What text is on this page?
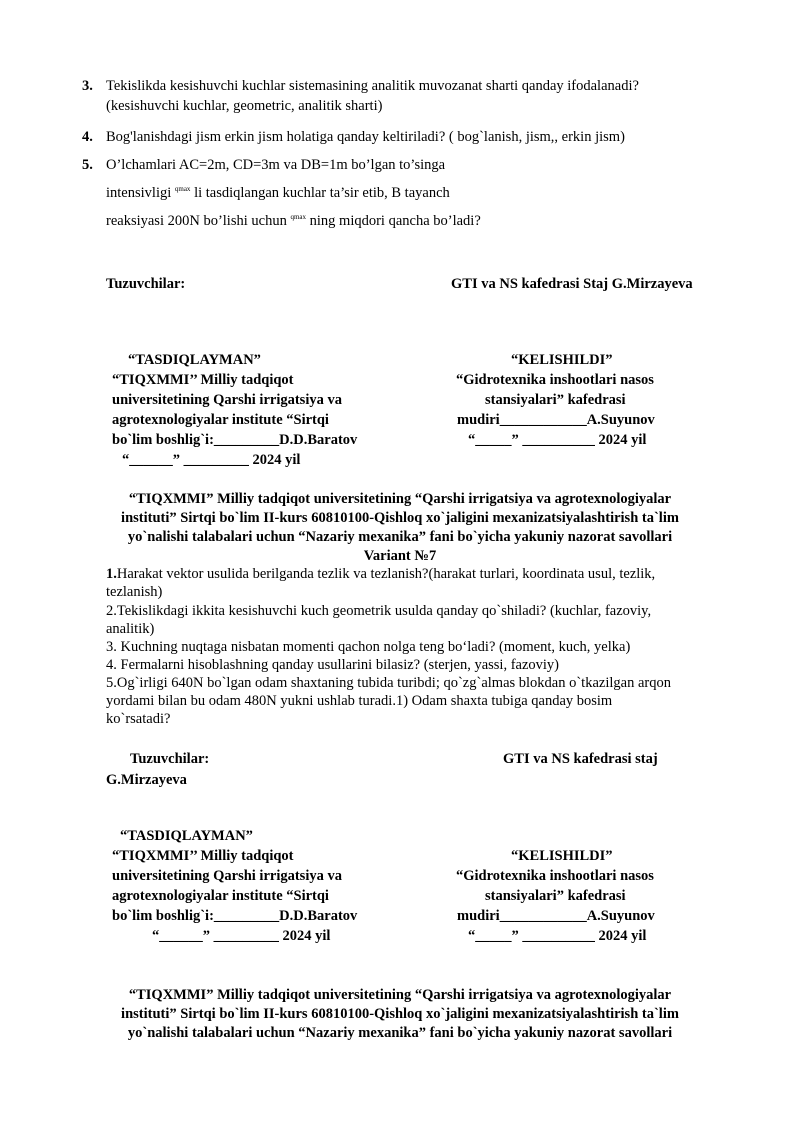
3. Tekislikda kesishuvchi kuchlar sistemasining analitik muvozanat sharti qanday ifodalanadi?
(kesishuvchi kuchlar, geometric, analitik sharti)
4. Bog'lanishdagi jism erkin jism holatiga qanday keltiriladi? ( bog`lanish, jism,, erkin jism)
5. O’lchamlari AC=2m, CD=3m va DB=1m bo’lgan to’singa
intensivligi $^{qmax}$ li tasdiqlangan kuchlar ta’sir etib, B tayanch
reaksiyasi 200N bo’lishi uchun $^{qmax}$ ning miqdori qancha bo’ladi?
Tuzuvchilar:	GTI va NS kafedrasi Staj G.Mirzayeva
“TASDIQLAYMAN”
“TIQXMMI’’ Milliy tadqiqot
universitetining Qarshi irrigatsiya va
agrotexnologiyalar institute “Sirtqi
bo`lim boshlig`i:_________D.D.Baratov
“______” _________ 2024 yil
“KELISHILDI”
“Gidrotexnika inshootlari nasos
stansiyalari” kafedrasi
mudiri____________A.Suyunov
“_____” __________ 2024 yil
“TIQXMMI” Milliy tadqiqot universitetining “Qarshi irrigatsiya va agrotexnologiyalar
instituti” Sirtqi bo`lim II-kurs 60810100-Qishloq xo`jaligini mexanizatsiyalashtirish ta`lim
yo`nalishi talabalari uchun “Nazariy mexanika” fani bo`yicha yakuniy nazorat savollari
Variant №7
1.Harakat vektor usulida berilganda tezlik va tezlanish?(harakat turlari, koordinata usul, tezlik,
tezlanish)
2.Tekislikdagi ikkita kesishuvchi kuch geometrik usulda qanday qo`shiladi? (kuchlar, fazoviy,
analitik)
3. Kuchning nuqtaga nisbatan momenti qachon nolga teng bo‘ladi? (moment, kuch, yelka)
4. Fermalarni hisoblashning qanday usullarini bilasiz? (sterjen, yassi, fazoviy)
5.Og`irligi 640N bo`lgan odam shaxtaning tubida turibdi; qo`zg`almas blokdan o`tkazilgan arqon
yordami bilan bu odam 480N yukni ushlab turadi.1) Odam shaxta tubiga qanday bosim
ko`rsatadi?
Tuzuvchilar:	GTI va NS kafedrasi staj
G.Mirzayeva
“TASDIQLAYMAN”
“TIQXMMI’’ Milliy tadqiqot
universitetining Qarshi irrigatsiya va
agrotexnologiyalar institute “Sirtqi
bo`lim boshlig`i:_________D.D.Baratov
“______” _________ 2024 yil
“KELISHILDI”
“Gidrotexnika inshootlari nasos
stansiyalari” kafedrasi
mudiri____________A.Suyunov
“_____” __________ 2024 yil
“TIQXMMI” Milliy tadqiqot universitetining “Qarshi irrigatsiya va agrotexnologiyalar
instituti” Sirtqi bo`lim II-kurs 60810100-Qishloq xo`jaligini mexanizatsiyalashtirish ta`lim
yo`nalishi talabalari uchun “Nazariy mexanika” fani bo`yicha yakuniy nazorat savollari
